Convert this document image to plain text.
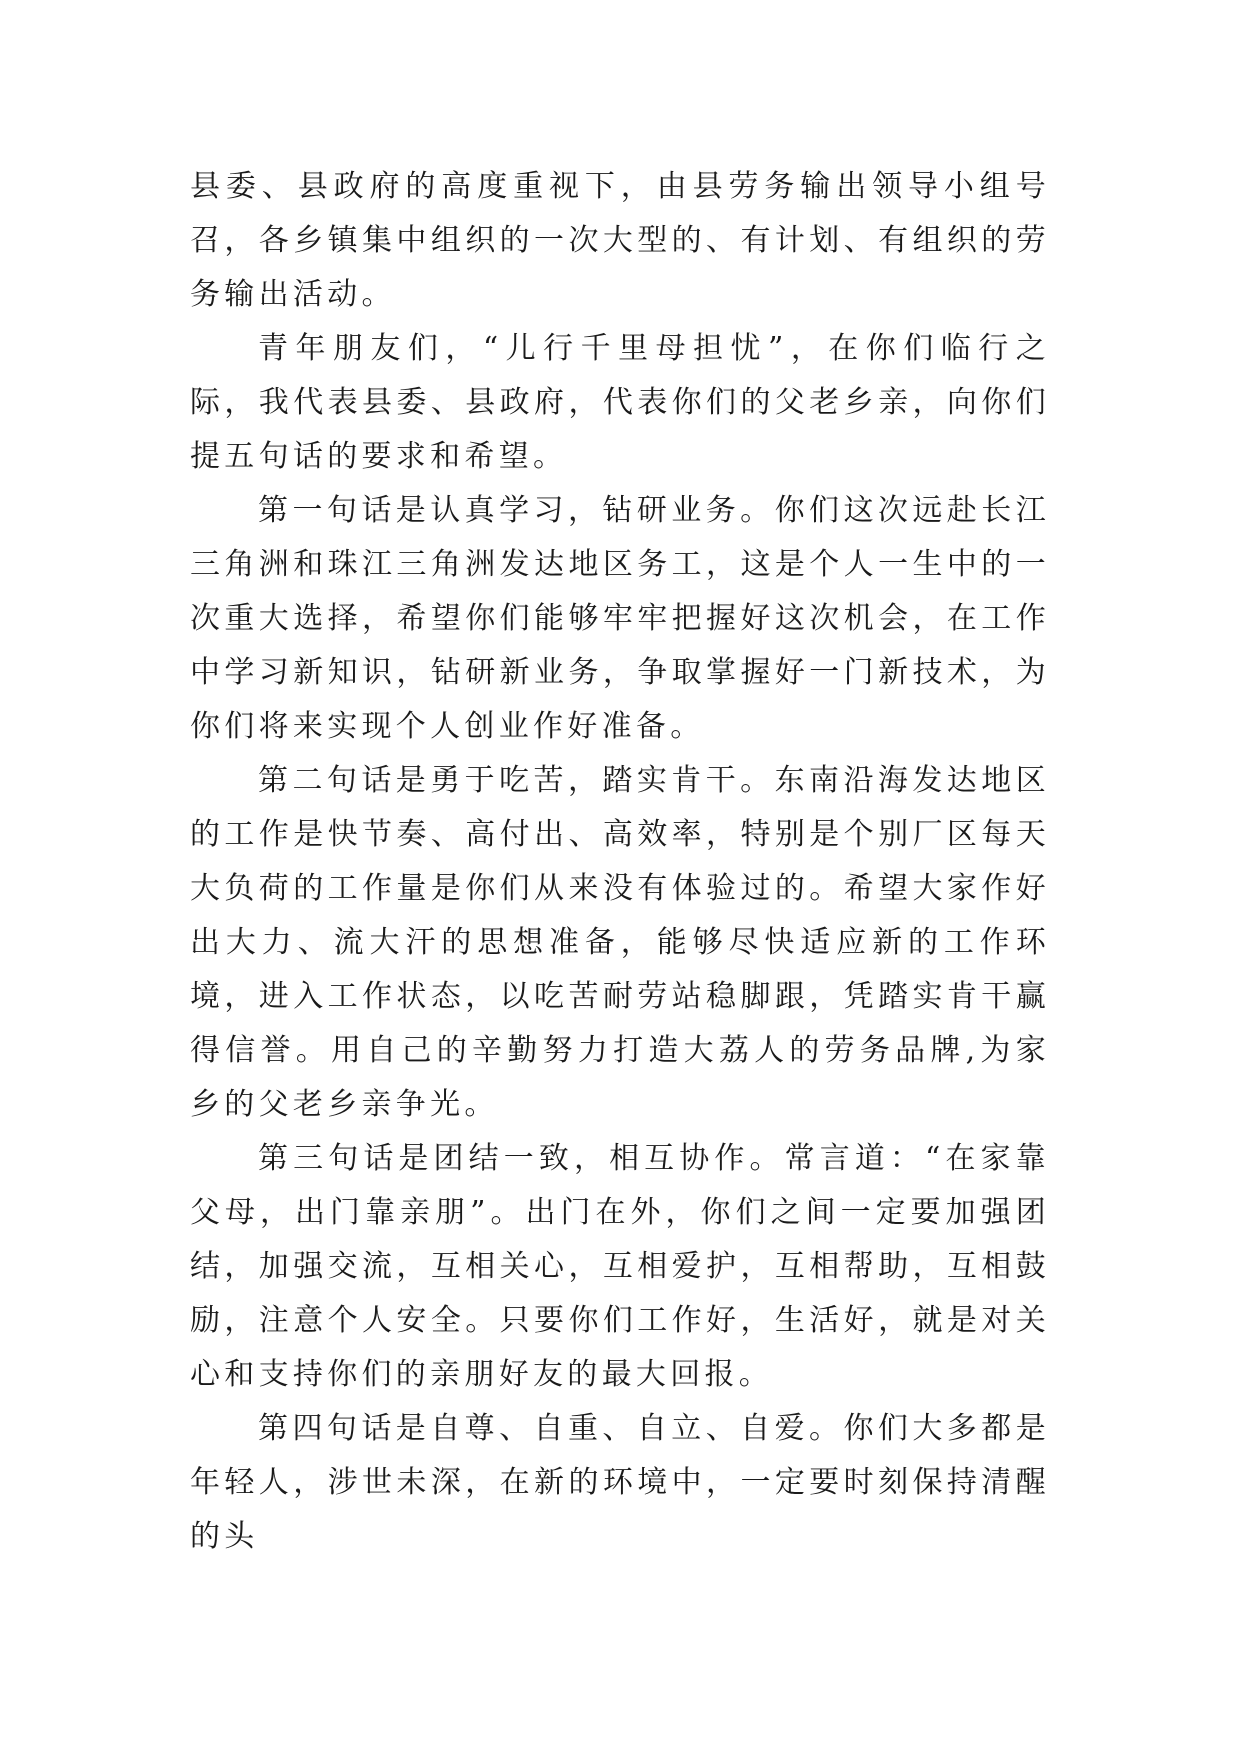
县委、县政府的高度重视下，由县劳务输出领导小组号召，各乡镇集中组织的一次大型的、有计划、有组织的劳务输出活动。

青年朋友们，“儿行千里母担忧”，在你们临行之际，我代表县委、县政府，代表你们的父老乡亲，向你们提五句话的要求和希望。

第一句话是认真学习，钻研业务。你们这次远赴长江三角洲和珠江三角洲发达地区务工，这是个人一生中的一次重大选择，希望你们能够牢牢把握好这次机会，在工作中学习新知识，钻研新业务，争取掌握好一门新技术，为你们将来实现个人创业作好准备。

第二句话是勇于吃苦，踏实肯干。东南沿海发达地区的工作是快节奏、高付出、高效率，特别是个别厂区每天大负荷的工作量是你们从来没有体验过的。希望大家作好出大力、流大汗的思想准备，能够尽快适应新的工作环境，进入工作状态，以吃苦耐劳站稳脚跟，凭踏实肯干赢得信誉。用自己的辛勤努力打造大荔人的劳务品牌,为家乡的父老乡亲争光。

第三句话是团结一致，相互协作。常言道：“在家靠父母，出门靠亲朋”。出门在外，你们之间一定要加强团结，加强交流，互相关心，互相爱护，互相帮助，互相鼓励，注意个人安全。只要你们工作好，生活好，就是对关心和支持你们的亲朋好友的最大回报。

第四句话是自尊、自重、自立、自爱。你们大多都是年轻人，涉世未深，在新的环境中，一定要时刻保持清醒的头
